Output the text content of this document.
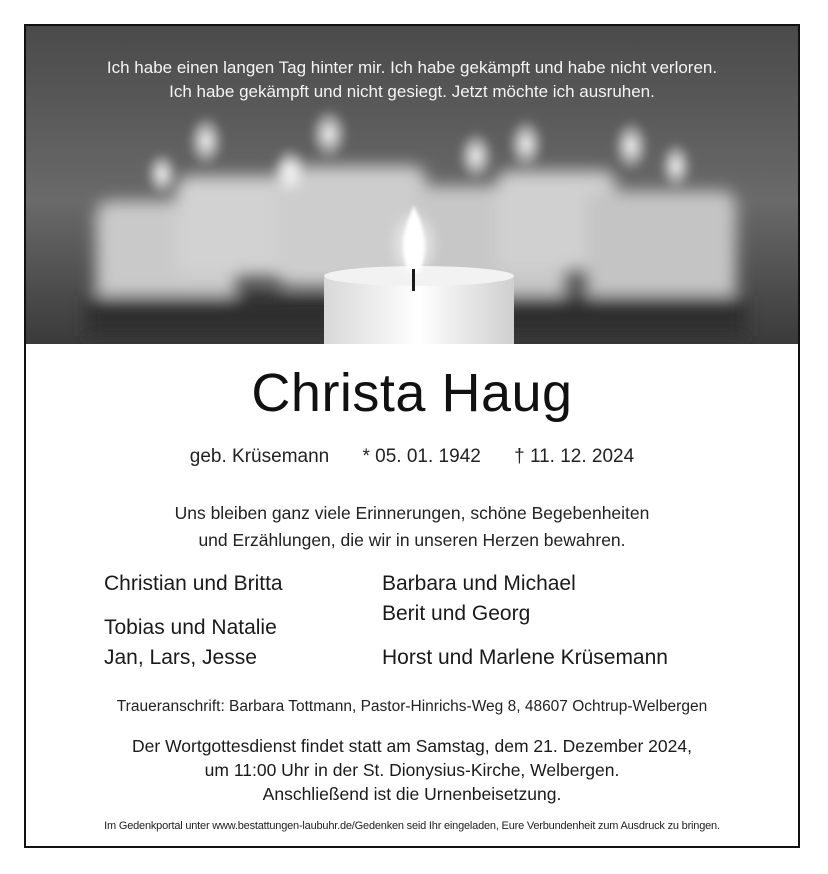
Ich habe einen langen Tag hinter mir. Ich habe gekämpft und habe nicht verloren.
Ich habe gekämpft und nicht gesiegt. Jetzt möchte ich ausruhen.
Christa Haug
geb. Krüsemann * 05. 01. 1942 † 11. 12. 2024
Uns bleiben ganz viele Erinnerungen, schöne Begebenheiten
und Erzählungen, die wir in unseren Herzen bewahren.
Christian und Britta
Tobias und Natalie
Jan, Lars, Jesse
Barbara und Michael
Berit und Georg
Horst und Marlene Krüsemann
Traueranschrift: Barbara Tottmann, Pastor-Hinrichs-Weg 8, 48607 Ochtrup-Welbergen
Der Wortgottesdienst findet statt am Samstag, dem 21. Dezember 2024,
um 11:00 Uhr in der St. Dionysius-Kirche, Welbergen.
Anschließend ist die Urnenbeisetzung.
Im Gedenkportal unter www.bestattungen-laubuhr.de/Gedenken seid Ihr eingeladen, Eure Verbundenheit zum Ausdruck zu bringen.
